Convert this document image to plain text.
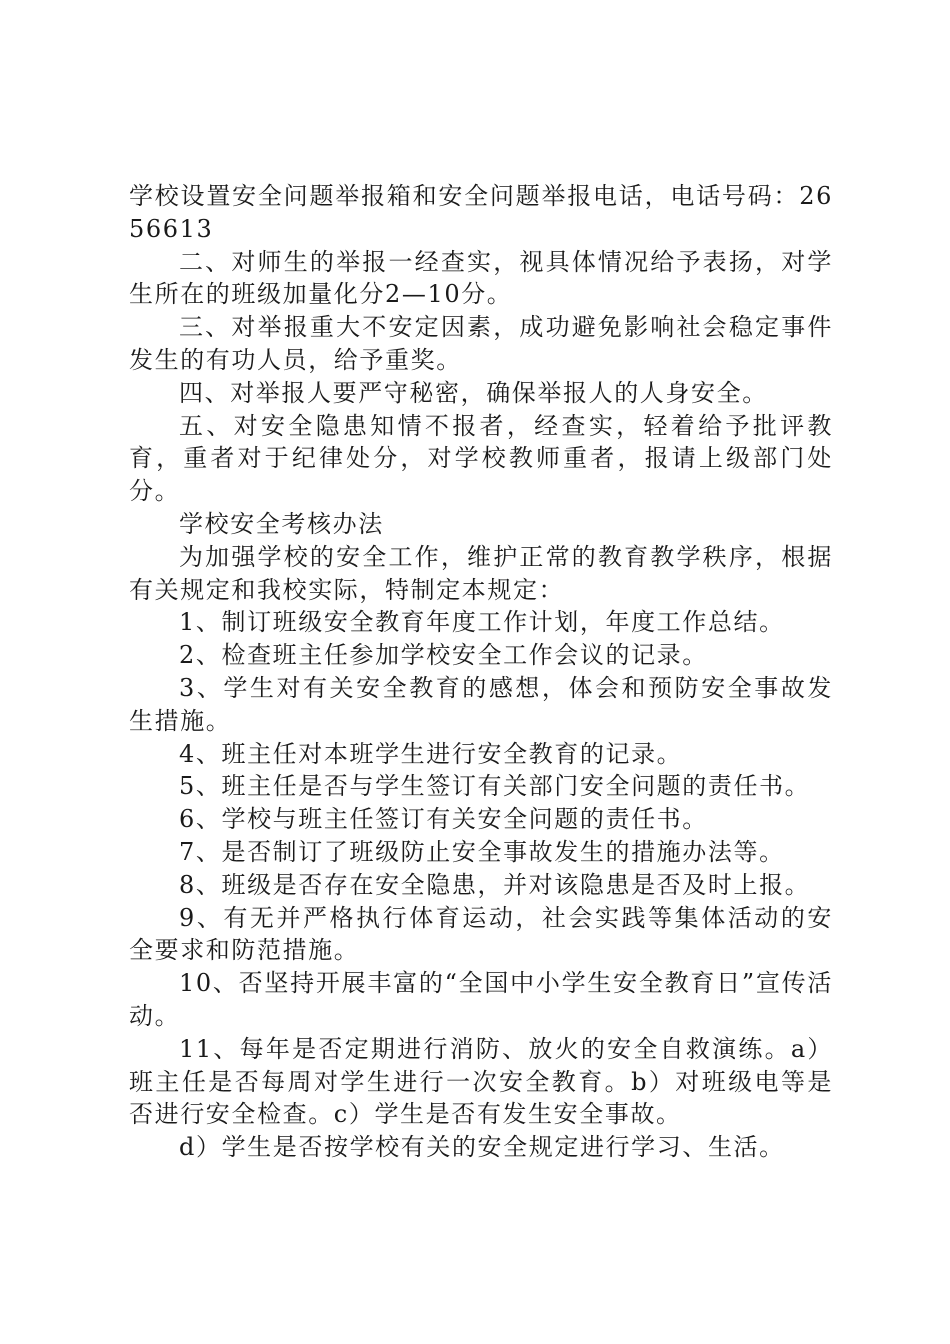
学校设置安全问题举报箱和安全问题举报电话，电话号码：2656613

二、对师生的举报一经查实，视具体情况给予表扬，对学生所在的班级加量化分2—10分。

三、对举报重大不安定因素，成功避免影响社会稳定事件发生的有功人员，给予重奖。

四、对举报人要严守秘密，确保举报人的人身安全。

五、对安全隐患知情不报者，经查实，轻着给予批评教育，重者对于纪律处分，对学校教师重者，报请上级部门处分。

学校安全考核办法

为加强学校的安全工作，维护正常的教育教学秩序，根据有关规定和我校实际，特制定本规定：

1、制订班级安全教育年度工作计划，年度工作总结。

2、检查班主任参加学校安全工作会议的记录。

3、学生对有关安全教育的感想，体会和预防安全事故发生措施。

4、班主任对本班学生进行安全教育的记录。

5、班主任是否与学生签订有关部门安全问题的责任书。

6、学校与班主任签订有关安全问题的责任书。

7、是否制订了班级防止安全事故发生的措施办法等。

8、班级是否存在安全隐患，并对该隐患是否及时上报。

9、有无并严格执行体育运动，社会实践等集体活动的安全要求和防范措施。

10、否坚持开展丰富的“全国中小学生安全教育日”宣传活动。

11、每年是否定期进行消防、放火的安全自救演练。a）班主任是否每周对学生进行一次安全教育。b）对班级电等是否进行安全检查。c）学生是否有发生安全事故。

d）学生是否按学校有关的安全规定进行学习、生活。
